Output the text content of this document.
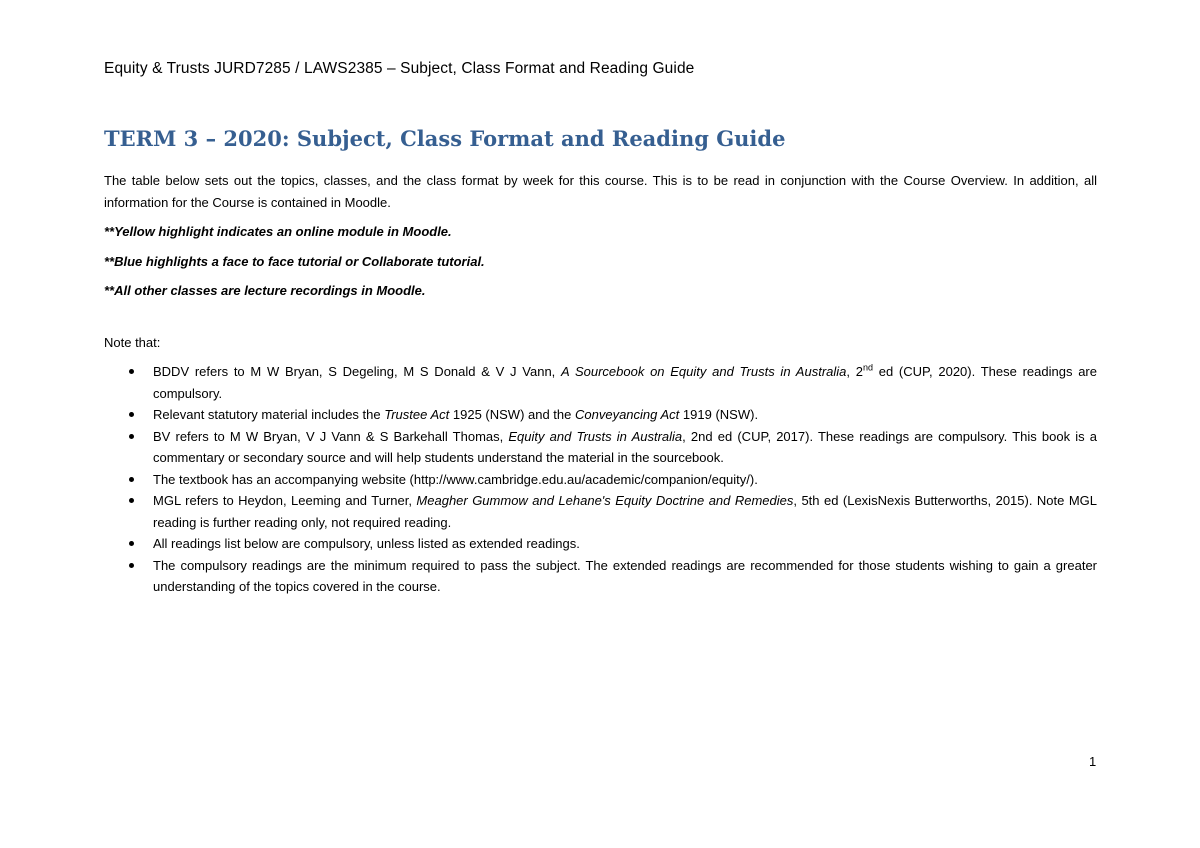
Equity & Trusts JURD7285 / LAWS2385 – Subject, Class Format and Reading Guide
TERM 3 – 2020: Subject, Class Format and Reading Guide

The table below sets out the topics, classes, and the class format by week for this course. This is to be read in conjunction with the Course Overview. In addition, all information for the Course is contained in Moodle.

**Yellow highlight indicates an online module in Moodle.

**Blue highlights a face to face tutorial or Collaborate tutorial.

**All other classes are lecture recordings in Moodle.

Note that:

BDDV refers to M W Bryan, S Degeling, M S Donald & V J Vann, A Sourcebook on Equity and Trusts in Australia, 2nd ed (CUP, 2020). These readings are compulsory.
Relevant statutory material includes the Trustee Act 1925 (NSW) and the Conveyancing Act 1919 (NSW).
BV refers to M W Bryan, V J Vann & S Barkehall Thomas, Equity and Trusts in Australia, 2nd ed (CUP, 2017). These readings are compulsory. This book is a commentary or secondary source and will help students understand the material in the sourcebook.
The textbook has an accompanying website (http://www.cambridge.edu.au/academic/companion/equity/).
MGL refers to Heydon, Leeming and Turner, Meagher Gummow and Lehane's Equity Doctrine and Remedies, 5th ed (LexisNexis Butterworths, 2015). Note MGL reading is further reading only, not required reading.
All readings list below are compulsory, unless listed as extended readings.
The compulsory readings are the minimum required to pass the subject. The extended readings are recommended for those students wishing to gain a greater understanding of the topics covered in the course.
1
